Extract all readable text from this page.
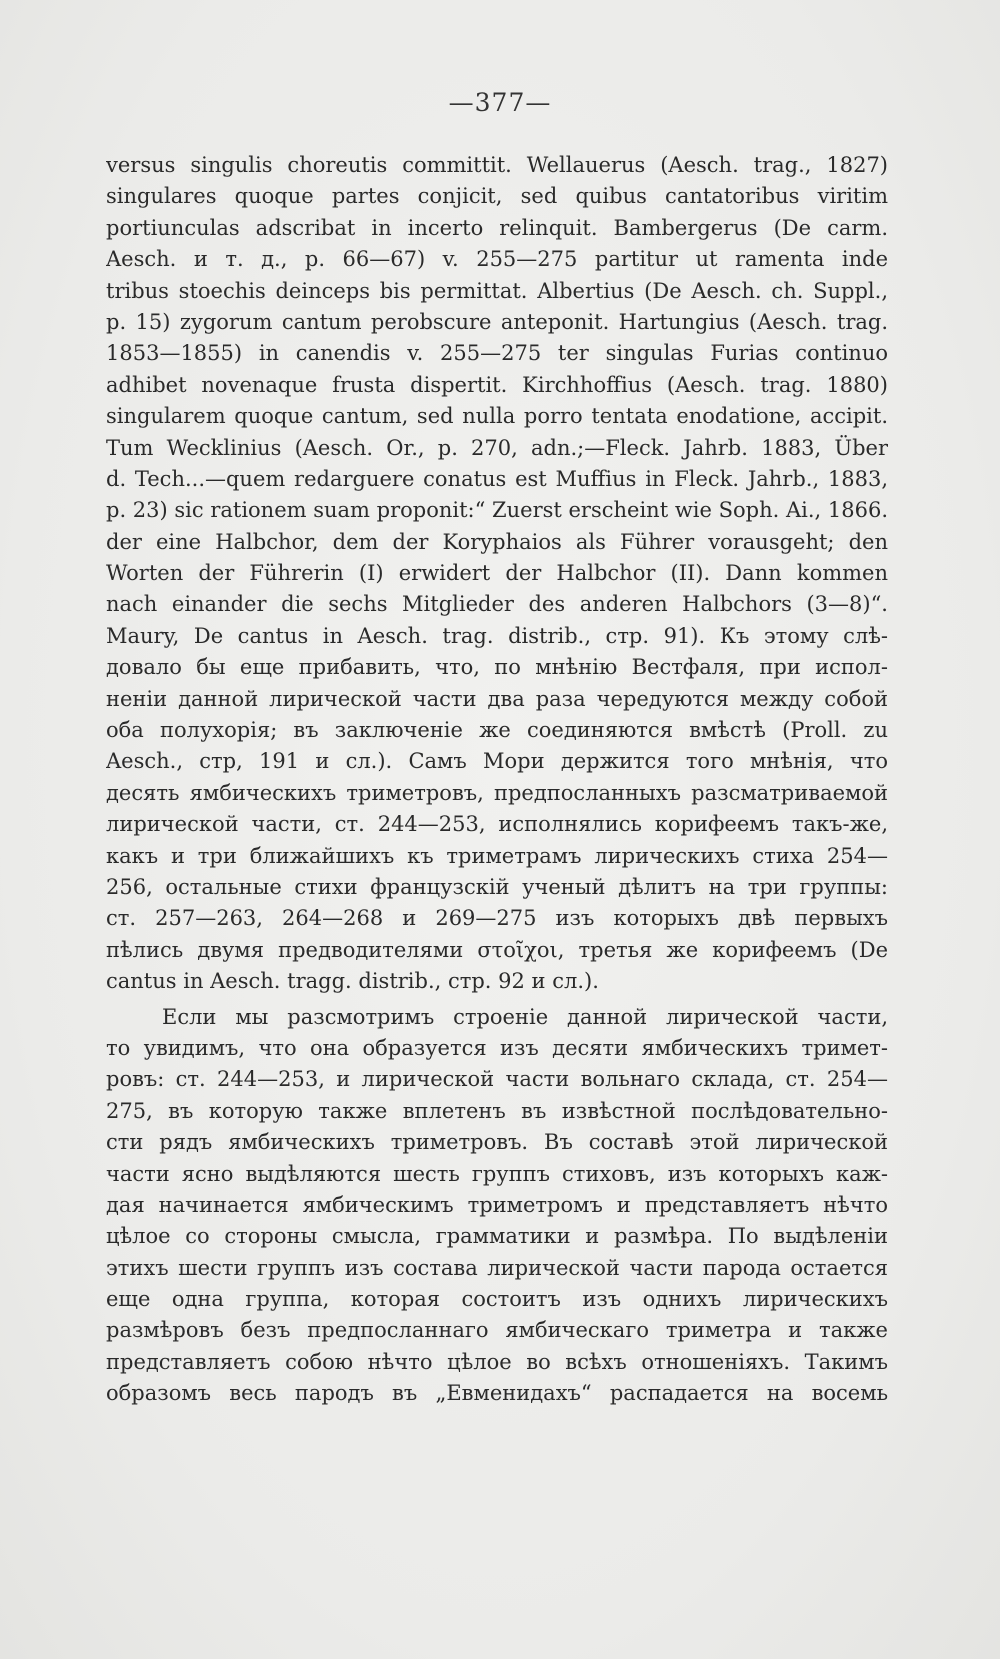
—377—
versus singulis choreutis committit. Wellauerus (Aesch. trag., 1827)
singulares quoque partes conjicit, sed quibus cantatoribus viritim
portiunculas adscribat in incerto relinquit. Bambergerus (De carm.
Aesch. и т. д., p. 66—67) v. 255—275 partitur ut ramenta inde
tribus stoechis deinceps bis permittat. Albertius (De Aesch. ch. Suppl.,
p. 15) zygorum cantum perobscure anteponit. Hartungius (Aesch. trag.
1853—1855) in canendis v. 255—275 ter singulas Furias continuo
adhibet novenaque frusta dispertit. Kirchhoffius (Aesch. trag. 1880)
singularem quoque cantum, sed nulla porro tentata enodatione, accipit.
Tum Wecklinius (Aesch. Or., p. 270, adn.;—Fleck. Jahrb. 1883, Über
d. Tech...—quem redarguere conatus est Muffius in Fleck. Jahrb., 1883,
p. 23) sic rationem suam proponit:“ Zuerst erscheint wie Soph. Ai., 1866.
der eine Halbchor, dem der Koryphaios als Führer vorausgeht; den
Worten der Führerin (I) erwidert der Halbchor (II). Dann kommen
nach einander die sechs Mitglieder des anderen Halbchors (3—8)“.
Maury, De cantus in Aesch. trag. distrib., стр. 91). Къ этому слѣ-
довало бы еще прибавить, что, по мнѣнію Вестфаля, при испол-
неніи данной лирической части два раза чередуются между собой
оба полухорія; въ заключеніе же соединяются вмѣстѣ (Proll. zu
Aesch., стр, 191 и сл.). Самъ Мори держится того мнѣнія, что
десять ямбическихъ триметровъ, предпосланныхъ разсматриваемой
лирической части, ст. 244—253, исполнялись корифеемъ такъ-же,
какъ и три ближайшихъ къ триметрамъ лирическихъ стиха 254—
256, остальные стихи французскій ученый дѣлитъ на три группы:
ст. 257—263, 264—268 и 269—275 изъ которыхъ двѣ первыхъ
пѣлись двумя предводителями στοῖχοι, третья же корифеемъ (De
cantus in Aesch. tragg. distrib., стр. 92 и сл.).
Если мы разсмотримъ строеніе данной лирической части,
то увидимъ, что она образуется изъ десяти ямбическихъ тримет-
ровъ: ст. 244—253, и лирической части вольнаго склада, ст. 254—
275, въ которую также вплетенъ въ извѣстной послѣдовательно-
сти рядъ ямбическихъ триметровъ. Въ составѣ этой лирической
части ясно выдѣляются шесть группъ стиховъ, изъ которыхъ каж-
дая начинается ямбическимъ триметромъ и представляетъ нѣчто
цѣлое со стороны смысла, грамматики и размѣра. По выдѣленіи
этихъ шести группъ изъ состава лирической части парода остается
еще одна группа, которая состоитъ изъ однихъ лирическихъ
размѣровъ безъ предпосланнаго ямбическаго триметра и также
представляетъ собою нѣчто цѣлое во всѣхъ отношеніяхъ. Такимъ
образомъ весь пародъ въ „Евменидахъ“ распадается на восемь
